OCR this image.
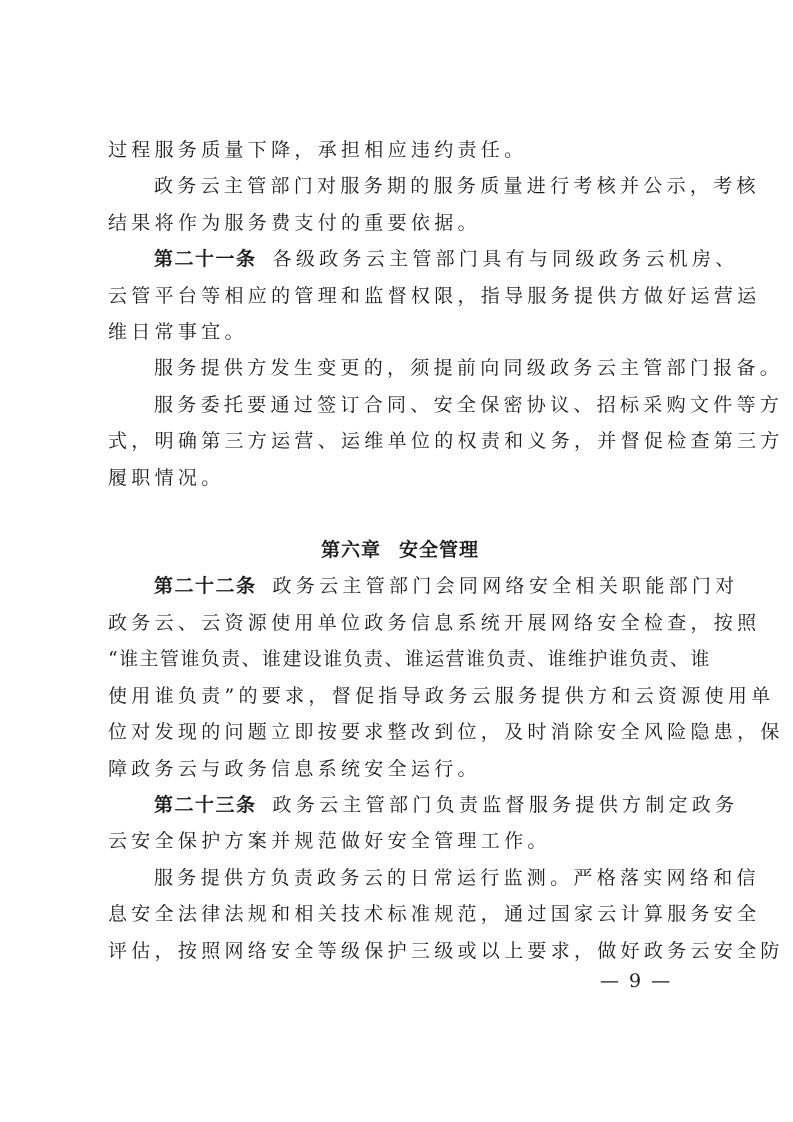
过程服务质量下降，承担相应违约责任。

政务云主管部门对服务期的服务质量进行考核并公示，考核

结果将作为服务费支付的重要依据。

第二十一条 各级政务云主管部门具有与同级政务云机房、

云管平台等相应的管理和监督权限，指导服务提供方做好运营运

维日常事宜。

服务提供方发生变更的，须提前向同级政务云主管部门报备。

服务委托要通过签订合同、安全保密协议、招标采购文件等方

式，明确第三方运营、运维单位的权责和义务，并督促检查第三方

履职情况。

第六章 安全管理

第二十二条 政务云主管部门会同网络安全相关职能部门对

政务云、云资源使用单位政务信息系统开展网络安全检查，按照

“谁主管谁负责、谁建设谁负责、谁运营谁负责、谁维护谁负责、谁

使用谁负责”的要求，督促指导政务云服务提供方和云资源使用单

位对发现的问题立即按要求整改到位，及时消除安全风险隐患，保

障政务云与政务信息系统安全运行。

第二十三条 政务云主管部门负责监督服务提供方制定政务

云安全保护方案并规范做好安全管理工作。

服务提供方负责政务云的日常运行监测。严格落实网络和信

息安全法律法规和相关技术标准规范，通过国家云计算服务安全

评估，按照网络安全等级保护三级或以上要求，做好政务云安全防

— 9 —
